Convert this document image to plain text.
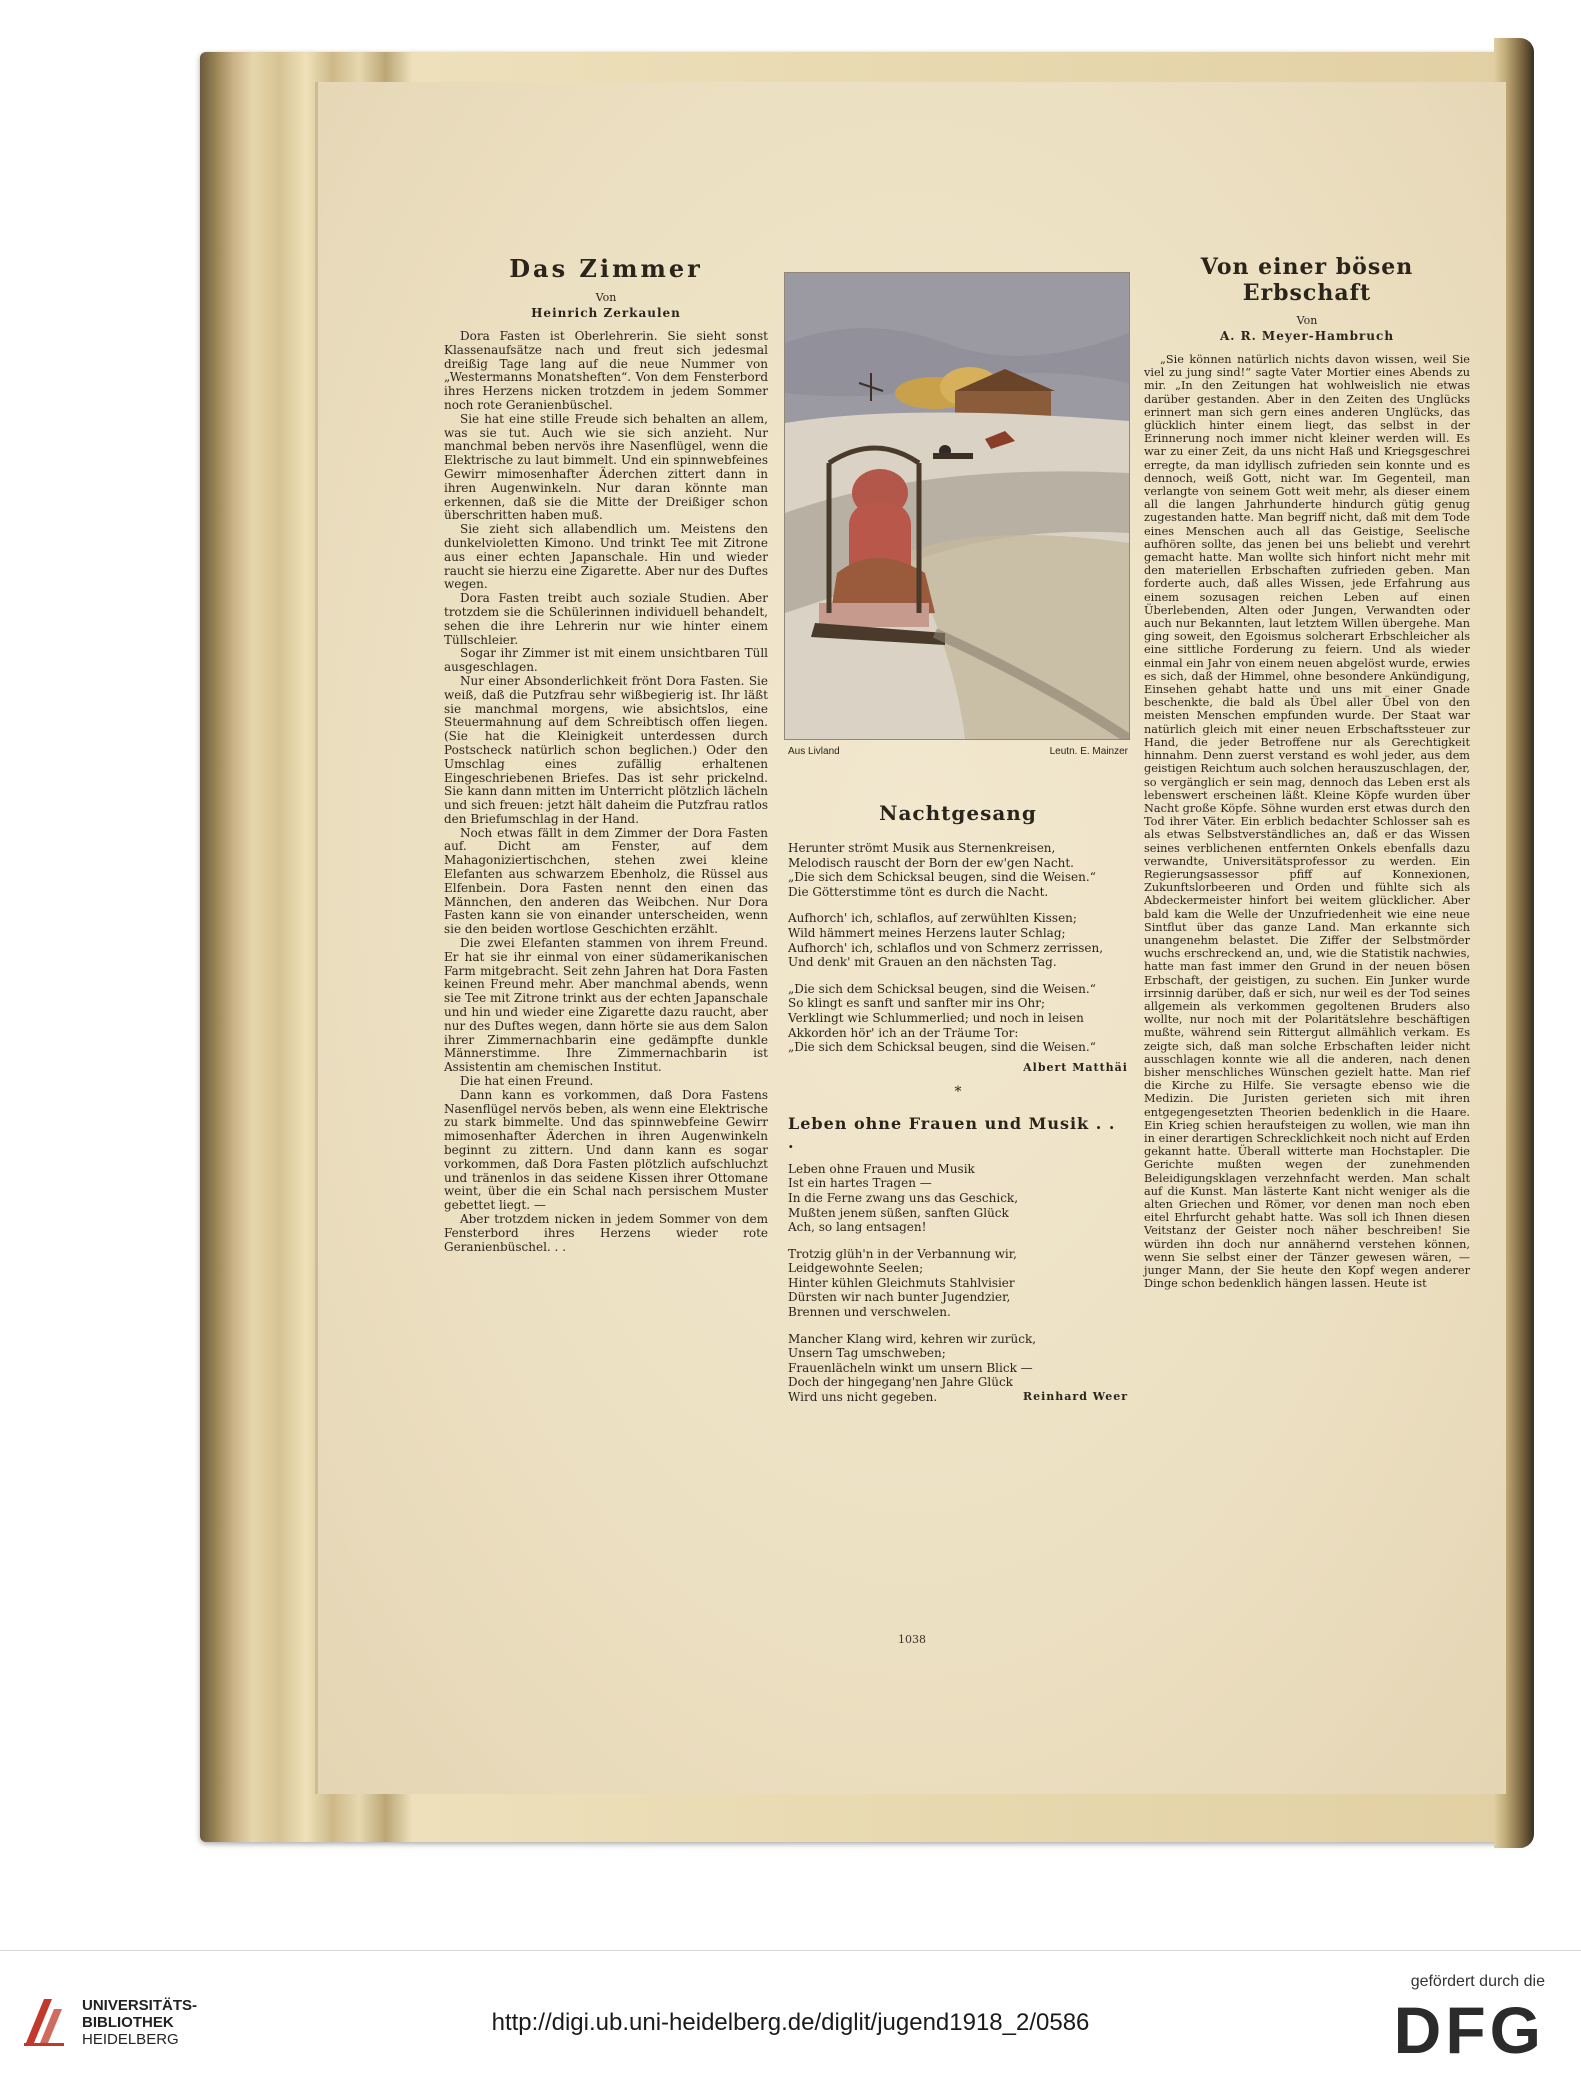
Das Zimmer

Von

Heinrich Zerkaulen

Dora Fasten ist Oberlehrerin. Sie sieht sonst Klassenaufsätze nach und freut sich jedesmal dreißig Tage lang auf die neue Nummer von „Westermanns Monatsheften“. Von dem Fensterbord ihres Herzens nicken trotzdem in jedem Sommer noch rote Geranienbüschel.

Sie hat eine stille Freude sich behalten an allem, was sie tut. Auch wie sie sich anzieht. Nur manchmal beben nervös ihre Nasenflügel, wenn die Elektrische zu laut bimmelt. Und ein spinnwebfeines Gewirr mimosenhafter Äderchen zittert dann in ihren Augenwinkeln. Nur daran könnte man erkennen, daß sie die Mitte der Dreißiger schon überschritten haben muß.

Sie zieht sich allabendlich um. Meistens den dunkelvioletten Kimono. Und trinkt Tee mit Zitrone aus einer echten Japanschale. Hin und wieder raucht sie hierzu eine Zigarette. Aber nur des Duftes wegen.

Dora Fasten treibt auch soziale Studien. Aber trotzdem sie die Schülerinnen individuell behandelt, sehen die ihre Lehrerin nur wie hinter einem Tüllschleier.

Sogar ihr Zimmer ist mit einem unsichtbaren Tüll ausgeschlagen.

Nur einer Absonderlichkeit frönt Dora Fasten. Sie weiß, daß die Putzfrau sehr wißbegierig ist. Ihr läßt sie manchmal morgens, wie absichtslos, eine Steuermahnung auf dem Schreibtisch offen liegen. (Sie hat die Kleinigkeit unterdessen durch Postscheck natürlich schon beglichen.) Oder den Umschlag eines zufällig erhaltenen Eingeschriebenen Briefes. Das ist sehr prickelnd. Sie kann dann mitten im Unterricht plötzlich lächeln und sich freuen: jetzt hält daheim die Putzfrau ratlos den Briefumschlag in der Hand.

Noch etwas fällt in dem Zimmer der Dora Fasten auf. Dicht am Fenster, auf dem Mahagoniziertischchen, stehen zwei kleine Elefanten aus schwarzem Ebenholz, die Rüssel aus Elfenbein. Dora Fasten nennt den einen das Männchen, den anderen das Weibchen. Nur Dora Fasten kann sie von einander unterscheiden, wenn sie den beiden wortlose Geschichten erzählt.

Die zwei Elefanten stammen von ihrem Freund. Er hat sie ihr einmal von einer südamerikanischen Farm mitgebracht. Seit zehn Jahren hat Dora Fasten keinen Freund mehr. Aber manchmal abends, wenn sie Tee mit Zitrone trinkt aus der echten Japanschale und hin und wieder eine Zigarette dazu raucht, aber nur des Duftes wegen, dann hörte sie aus dem Salon ihrer Zimmernachbarin eine gedämpfte dunkle Männerstimme. Ihre Zimmernachbarin ist Assistentin am chemischen Institut.

Die hat einen Freund.

Dann kann es vorkommen, daß Dora Fastens Nasenflügel nervös beben, als wenn eine Elektrische zu stark bimmelte. Und das spinnwebfeine Gewirr mimosenhafter Äderchen in ihren Augenwinkeln beginnt zu zittern. Und dann kann es sogar vorkommen, daß Dora Fasten plötzlich aufschluchzt und tränenlos in das seidene Kissen ihrer Ottomane weint, über die ein Schal nach persischem Muster gebettet liegt. —

Aber trotzdem nicken in jedem Sommer von dem Fensterbord ihres Herzens wieder rote Geranienbüschel. . .

Aus Livland	Leutn. E. Mainzer
Nachtgesang

Herunter strömt Musik aus Sternenkreisen,

Melodisch rauscht der Born der ew'gen Nacht.

„Die sich dem Schicksal beugen, sind die Weisen.“

Die Götterstimme tönt es durch die Nacht.

Aufhorch' ich, schlaflos, auf zerwühlten Kissen;

Wild hämmert meines Herzens lauter Schlag;

Aufhorch' ich, schlaflos und von Schmerz zerrissen,

Und denk' mit Grauen an den nächsten Tag.

„Die sich dem Schicksal beugen, sind die Weisen.“

So klingt es sanft und sanfter mir ins Ohr;

Verklingt wie Schlummerlied; und noch in leisen

Akkorden hör' ich an der Träume Tor:

„Die sich dem Schicksal beugen, sind die Weisen.“

Albert Matthäi

*

Leben ohne Frauen und Musik . . .

Leben ohne Frauen und Musik

Ist ein hartes Tragen —

In die Ferne zwang uns das Geschick,

Mußten jenem süßen, sanften Glück

Ach, so lang entsagen!

Trotzig glüh'n in der Verbannung wir,

Leidgewohnte Seelen;

Hinter kühlen Gleichmuts Stahlvisier

Dürsten wir nach bunter Jugendzier,

Brennen und verschwelen.

Mancher Klang wird, kehren wir zurück,

Unsern Tag umschweben;

Frauenlächeln winkt um unsern Blick —

Doch der hingegang'nen Jahre Glück

Reinhard Weer
Wird uns nicht gegeben.

Von einer bösen Erbschaft

Von

A. R. Meyer-Hambruch

„Sie können natürlich nichts davon wissen, weil Sie viel zu jung sind!“ sagte Vater Mortier eines Abends zu mir. „In den Zeitungen hat wohlweislich nie etwas darüber gestanden. Aber in den Zeiten des Unglücks erinnert man sich gern eines anderen Unglücks, das glücklich hinter einem liegt, das selbst in der Erinnerung noch immer nicht kleiner werden will. Es war zu einer Zeit, da uns nicht Haß und Kriegsgeschrei erregte, da man idyllisch zufrieden sein konnte und es dennoch, weiß Gott, nicht war. Im Gegenteil, man verlangte von seinem Gott weit mehr, als dieser einem all die langen Jahrhunderte hindurch gütig genug zugestanden hatte. Man begriff nicht, daß mit dem Tode eines Menschen auch all das Geistige, Seelische aufhören sollte, das jenen bei uns beliebt und verehrt gemacht hatte. Man wollte sich hinfort nicht mehr mit den materiellen Erbschaften zufrieden geben. Man forderte auch, daß alles Wissen, jede Erfahrung aus einem sozusagen reichen Leben auf einen Überlebenden, Alten oder Jungen, Verwandten oder auch nur Bekannten, laut letztem Willen übergehe. Man ging soweit, den Egoismus solcherart Erbschleicher als eine sittliche Forderung zu feiern. Und als wieder einmal ein Jahr von einem neuen abgelöst wurde, erwies es sich, daß der Himmel, ohne besondere Ankündigung, Einsehen gehabt hatte und uns mit einer Gnade beschenkte, die bald als Übel aller Übel von den meisten Menschen empfunden wurde. Der Staat war natürlich gleich mit einer neuen Erbschaftssteuer zur Hand, die jeder Betroffene nur als Gerechtigkeit hinnahm. Denn zuerst verstand es wohl jeder, aus dem geistigen Reichtum auch solchen herauszuschlagen, der, so vergänglich er sein mag, dennoch das Leben erst als lebenswert erscheinen läßt. Kleine Köpfe wurden über Nacht große Köpfe. Söhne wurden erst etwas durch den Tod ihrer Väter. Ein erblich bedachter Schlosser sah es als etwas Selbstverständliches an, daß er das Wissen seines verblichenen entfernten Onkels ebenfalls dazu verwandte, Universitätsprofessor zu werden. Ein Regierungsassessor pfiff auf Konnexionen, Zukunftslorbeeren und Orden und fühlte sich als Abdeckermeister hinfort bei weitem glücklicher. Aber bald kam die Welle der Unzufriedenheit wie eine neue Sintflut über das ganze Land. Man erkannte sich unangenehm belastet. Die Ziffer der Selbstmörder wuchs erschreckend an, und, wie die Statistik nachwies, hatte man fast immer den Grund in der neuen bösen Erbschaft, der geistigen, zu suchen. Ein Junker wurde irrsinnig darüber, daß er sich, nur weil es der Tod seines allgemein als verkommen gegoltenen Bruders also wollte, nur noch mit der Polaritätslehre beschäftigen mußte, während sein Rittergut allmählich verkam. Es zeigte sich, daß man solche Erbschaften leider nicht ausschlagen konnte wie all die anderen, nach denen bisher menschliches Wünschen gezielt hatte. Man rief die Kirche zu Hilfe. Sie versagte ebenso wie die Medizin. Die Juristen gerieten sich mit ihren entgegengesetzten Theorien bedenklich in die Haare. Ein Krieg schien heraufsteigen zu wollen, wie man ihn in einer derartigen Schrecklichkeit noch nicht auf Erden gekannt hatte. Überall witterte man Hochstapler. Die Gerichte mußten wegen der zunehmenden Beleidigungsklagen verzehnfacht werden. Man schalt auf die Kunst. Man lästerte Kant nicht weniger als die alten Griechen und Römer, vor denen man noch eben eitel Ehrfurcht gehabt hatte. Was soll ich Ihnen diesen Veitstanz der Geister noch näher beschreiben! Sie würden ihn doch nur annähernd verstehen können, wenn Sie selbst einer der Tänzer gewesen wären, — junger Mann, der Sie heute den Kopf wegen anderer Dinge schon bedenklich hängen lassen. Heute ist

1038
UNIVERSITÄTS-
BIBLIOTHEK
HEIDELBERG
http://digi.ub.uni-heidelberg.de/diglit/jugend1918_2/0586
gefördert durch die
DFG
